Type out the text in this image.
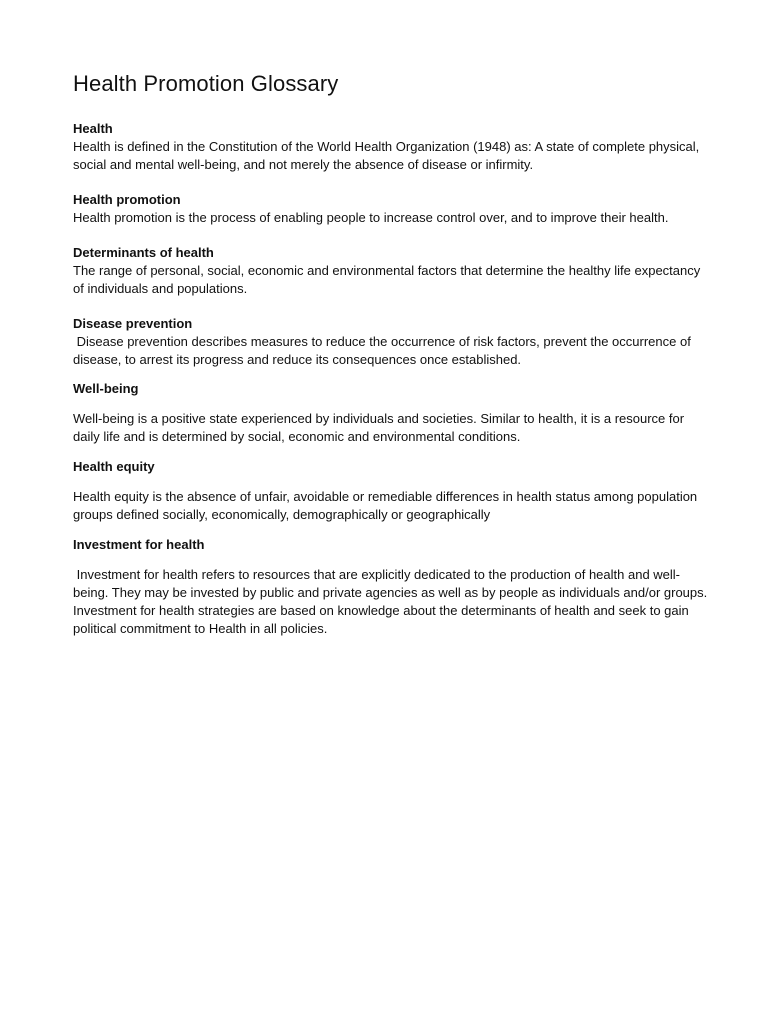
Health Promotion Glossary

Health

Health is defined in the Constitution of the World Health Organization (1948) as: A state of complete physical, social and mental well-being, and not merely the absence of disease or infirmity.

Health promotion

Health promotion is the process of enabling people to increase control over, and to improve their health.

Determinants of health

The range of personal, social, economic and environmental factors that determine the healthy life expectancy of individuals and populations.

Disease prevention

Disease prevention describes measures to reduce the occurrence of risk factors, prevent the occurrence of disease, to arrest its progress and reduce its consequences once established.

Well-being

Well-being is a positive state experienced by individuals and societies. Similar to health, it is a resource for daily life and is determined by social, economic and environmental conditions.

Health equity

Health equity is the absence of unfair, avoidable or remediable differences in health status among population groups defined socially, economically, demographically or geographically

Investment for health

Investment for health refers to resources that are explicitly dedicated to the production of health and well-being. They may be invested by public and private agencies as well as by people as individuals and/or groups. Investment for health strategies are based on knowledge about the determinants of health and seek to gain political commitment to Health in all policies.
